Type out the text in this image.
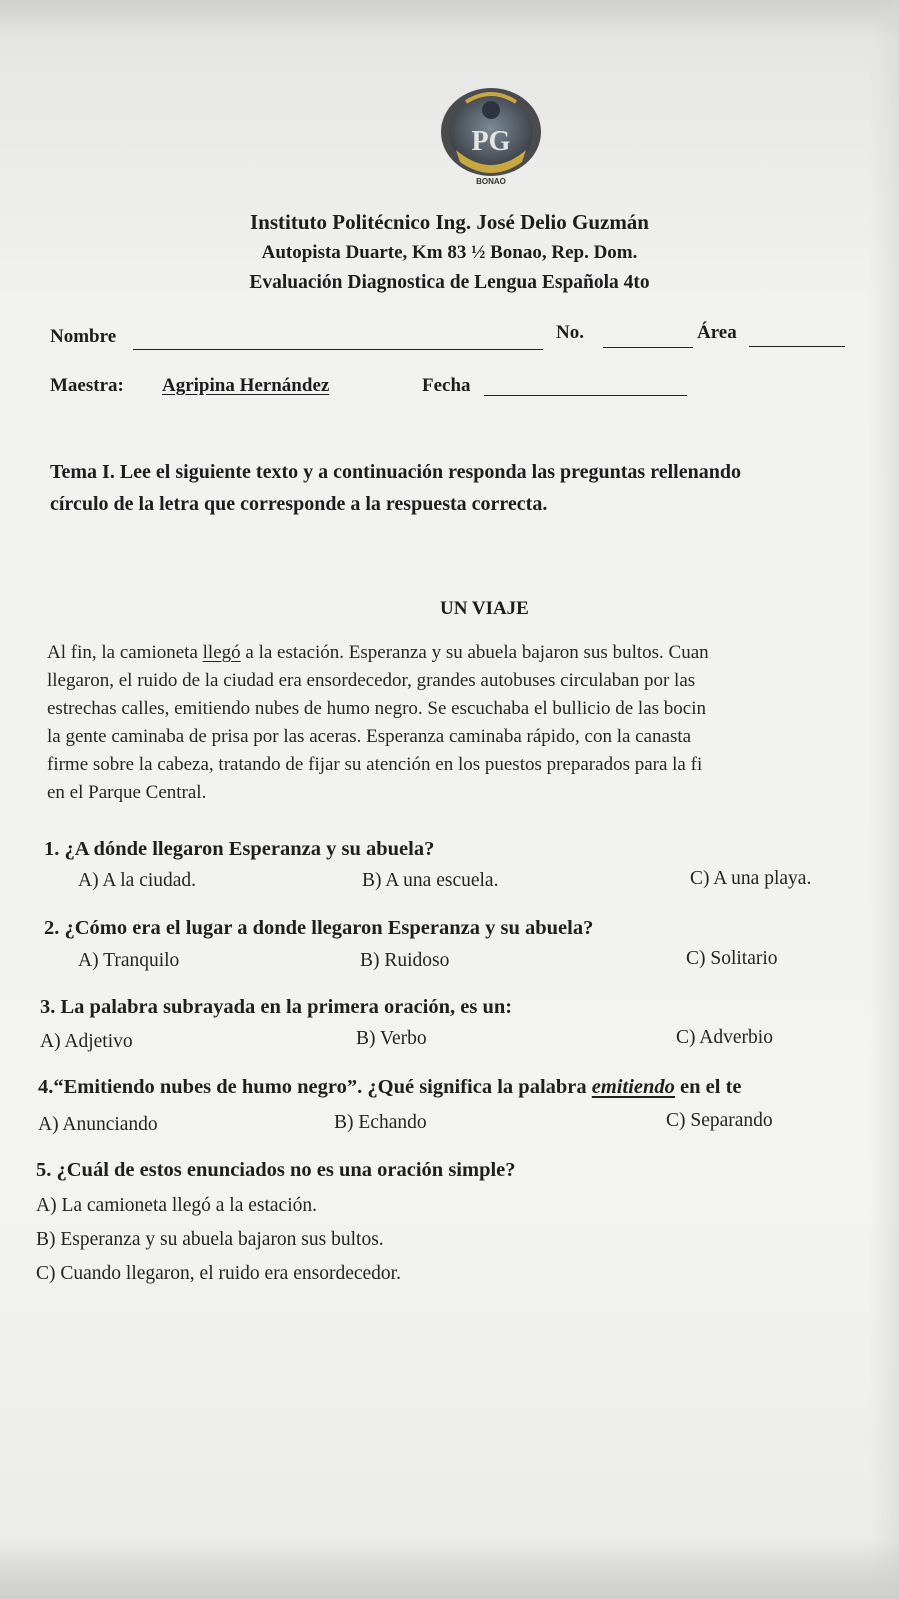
PG
BONAO
Instituto Politécnico Ing. José Delio Guzmán
Autopista Duarte, Km 83 ½ Bonao, Rep. Dom.
Evaluación Diagnostica de Lengua Española 4to
Nombre	No.	Área
Maestra: Agripina Hernández	Fecha
Tema I. Lee el siguiente texto y a continuación responda las preguntas rellenando
círculo de la letra que corresponde a la respuesta correcta.
UN VIAJE
Al fin, la camioneta llegó a la estación. Esperanza y su abuela bajaron sus bultos. Cuan
llegaron, el ruido de la ciudad era ensordecedor, grandes autobuses circulaban por las
estrechas calles, emitiendo nubes de humo negro. Se escuchaba el bullicio de las bocin
la gente caminaba de prisa por las aceras. Esperanza caminaba rápido, con la canasta
firme sobre la cabeza, tratando de fijar su atención en los puestos preparados para la fi
en el Parque Central.
1. ¿A dónde llegaron Esperanza y su abuela?
A) A la ciudad.	B) A una escuela.	C) A una playa.
2. ¿Cómo era el lugar a donde llegaron Esperanza y su abuela?
A) Tranquilo	B) Ruidoso	C) Solitario
3. La palabra subrayada en la primera oración, es un:
A) Adjetivo	B) Verbo	C) Adverbio
4.“Emitiendo nubes de humo negro”. ¿Qué significa la palabra emitiendo en el te
A) Anunciando	B) Echando	C) Separando
5. ¿Cuál de estos enunciados no es una oración simple?
A) La camioneta llegó a la estación.
B) Esperanza y su abuela bajaron sus bultos.
C) Cuando llegaron, el ruido era ensordecedor.
